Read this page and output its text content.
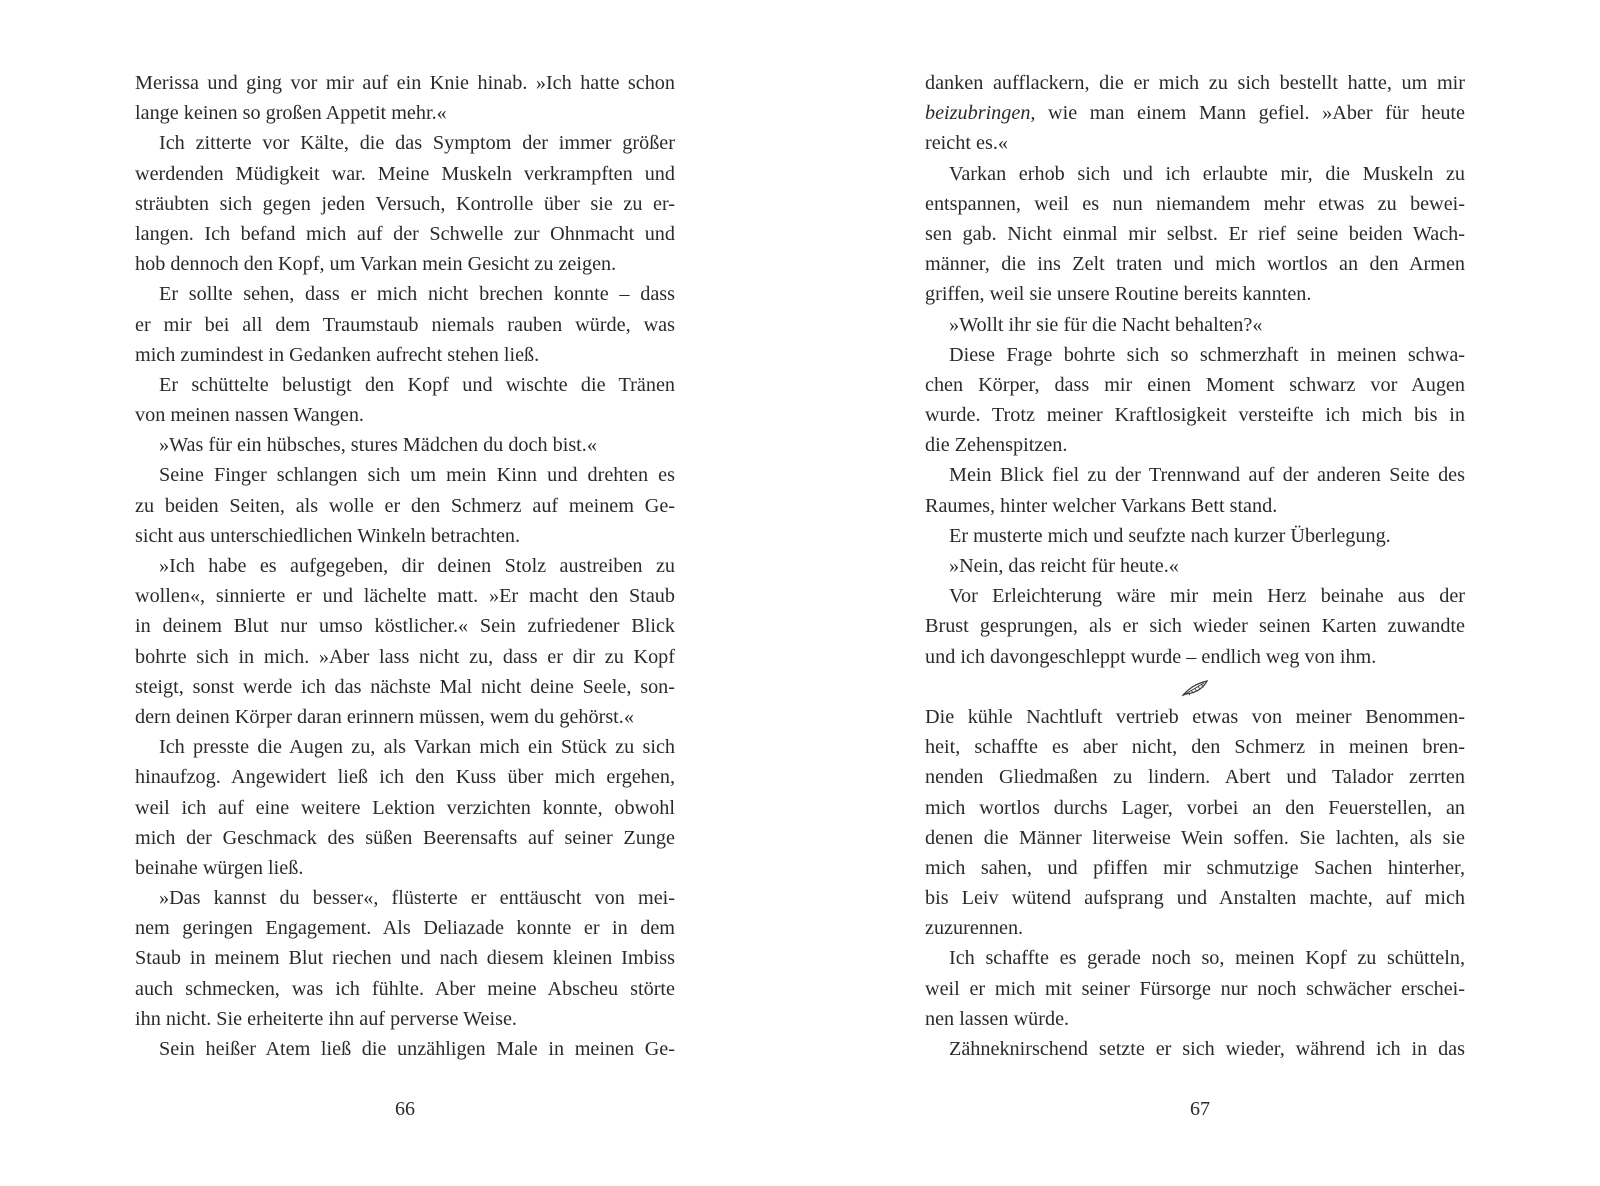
Merissa und ging vor mir auf ein Knie hinab. »Ich hatte schon
lange keinen so großen Appetit mehr.«
Ich zitterte vor Kälte, die das Symptom der immer größer
werdenden Müdigkeit war. Meine Muskeln verkrampften und
sträubten sich gegen jeden Versuch, Kontrolle über sie zu er-
langen. Ich befand mich auf der Schwelle zur Ohnmacht und
hob dennoch den Kopf, um Varkan mein Gesicht zu zeigen.
Er sollte sehen, dass er mich nicht brechen konnte – dass
er mir bei all dem Traumstaub niemals rauben würde, was
mich zumindest in Gedanken aufrecht stehen ließ.
Er schüttelte belustigt den Kopf und wischte die Tränen
von meinen nassen Wangen.
»Was für ein hübsches, stures Mädchen du doch bist.«
Seine Finger schlangen sich um mein Kinn und drehten es
zu beiden Seiten, als wolle er den Schmerz auf meinem Ge-
sicht aus unterschiedlichen Winkeln betrachten.
»Ich habe es aufgegeben, dir deinen Stolz austreiben zu
wollen«, sinnierte er und lächelte matt. »Er macht den Staub
in deinem Blut nur umso köstlicher.« Sein zufriedener Blick
bohrte sich in mich. »Aber lass nicht zu, dass er dir zu Kopf
steigt, sonst werde ich das nächste Mal nicht deine Seele, son-
dern deinen Körper daran erinnern müssen, wem du gehörst.«
Ich presste die Augen zu, als Varkan mich ein Stück zu sich
hinaufzog. Angewidert ließ ich den Kuss über mich ergehen,
weil ich auf eine weitere Lektion verzichten konnte, obwohl
mich der Geschmack des süßen Beerensafts auf seiner Zunge
beinahe würgen ließ.
»Das kannst du besser«, flüsterte er enttäuscht von mei-
nem geringen Engagement. Als Deliazade konnte er in dem
Staub in meinem Blut riechen und nach diesem kleinen Imbiss
auch schmecken, was ich fühlte. Aber meine Abscheu störte
ihn nicht. Sie erheiterte ihn auf perverse Weise.
Sein heißer Atem ließ die unzähligen Male in meinen Ge-
66
danken aufflackern, die er mich zu sich bestellt hatte, um mir
beizubringen, wie man einem Mann gefiel. »Aber für heute
reicht es.«
Varkan erhob sich und ich erlaubte mir, die Muskeln zu
entspannen, weil es nun niemandem mehr etwas zu bewei-
sen gab. Nicht einmal mir selbst. Er rief seine beiden Wach-
männer, die ins Zelt traten und mich wortlos an den Armen
griffen, weil sie unsere Routine bereits kannten.
»Wollt ihr sie für die Nacht behalten?«
Diese Frage bohrte sich so schmerzhaft in meinen schwa-
chen Körper, dass mir einen Moment schwarz vor Augen
wurde. Trotz meiner Kraftlosigkeit versteifte ich mich bis in
die Zehenspitzen.
Mein Blick fiel zu der Trennwand auf der anderen Seite des
Raumes, hinter welcher Varkans Bett stand.
Er musterte mich und seufzte nach kurzer Überlegung.
»Nein, das reicht für heute.«
Vor Erleichterung wäre mir mein Herz beinahe aus der
Brust gesprungen, als er sich wieder seinen Karten zuwandte
und ich davongeschleppt wurde – endlich weg von ihm.
Die kühle Nachtluft vertrieb etwas von meiner Benommen-
heit, schaffte es aber nicht, den Schmerz in meinen bren-
nenden Gliedmaßen zu lindern. Abert und Talador zerrten
mich wortlos durchs Lager, vorbei an den Feuerstellen, an
denen die Männer literweise Wein soffen. Sie lachten, als sie
mich sahen, und pfiffen mir schmutzige Sachen hinterher,
bis Leiv wütend aufsprang und Anstalten machte, auf mich
zuzurennen.
Ich schaffte es gerade noch so, meinen Kopf zu schütteln,
weil er mich mit seiner Fürsorge nur noch schwächer erschei-
nen lassen würde.
Zähneknirschend setzte er sich wieder, während ich in das
67
